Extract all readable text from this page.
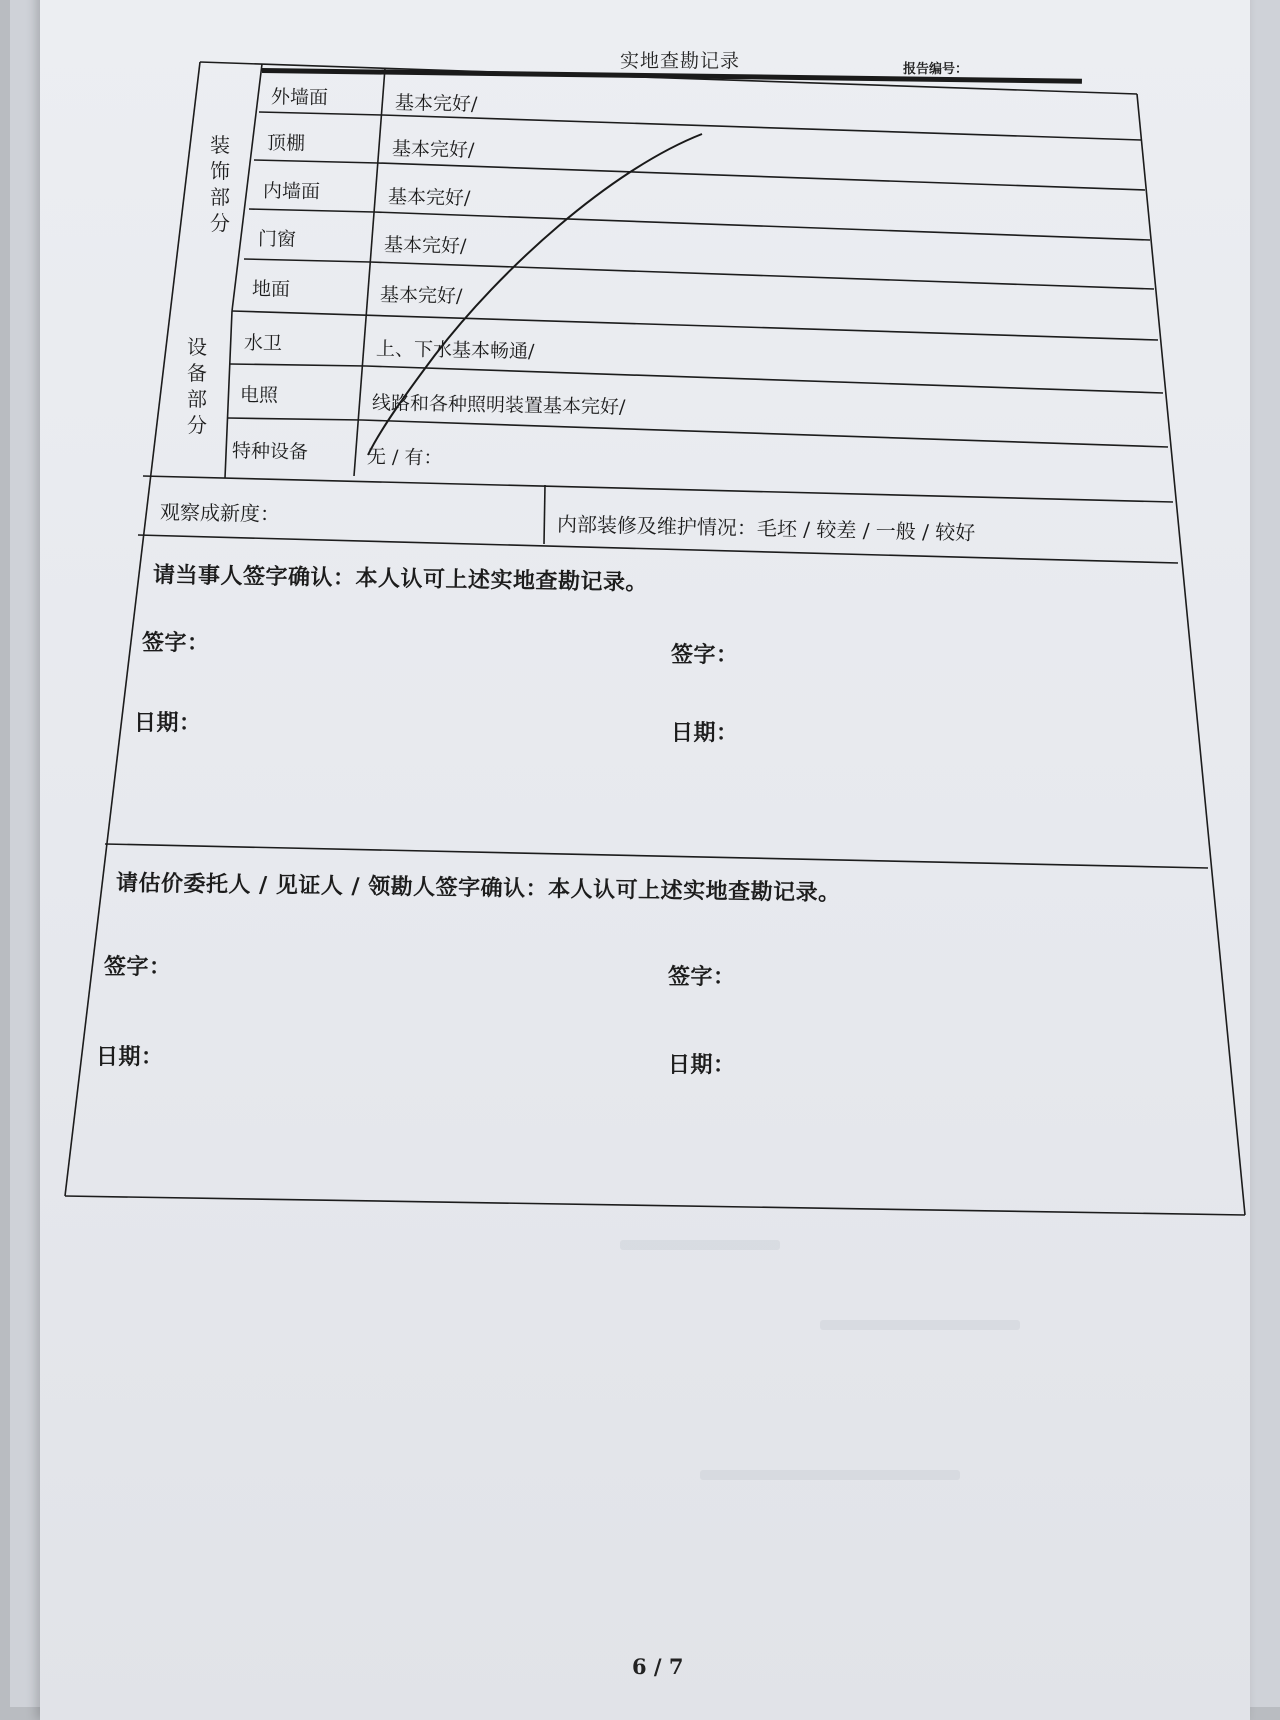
实地查勘记录	报告编号：
装饰部分
外墙面	基本完好/
顶棚	基本完好/
内墙面	基本完好/
门窗	基本完好/
地面	基本完好/
设备部分
水卫	上、下水基本畅通/
电照	线路和各种照明装置基本完好/
特种设备	无 / 有：
观察成新度：	内部装修及维护情况：毛坯 / 较差 / 一般 / 较好
请当事人签字确认：本人认可上述实地查勘记录。
签字：
日期：
签字：
日期：
请估价委托人 / 见证人 / 领勘人签字确认：本人认可上述实地查勘记录。
签字：
日期：
签字：
日期：
6 / 7
